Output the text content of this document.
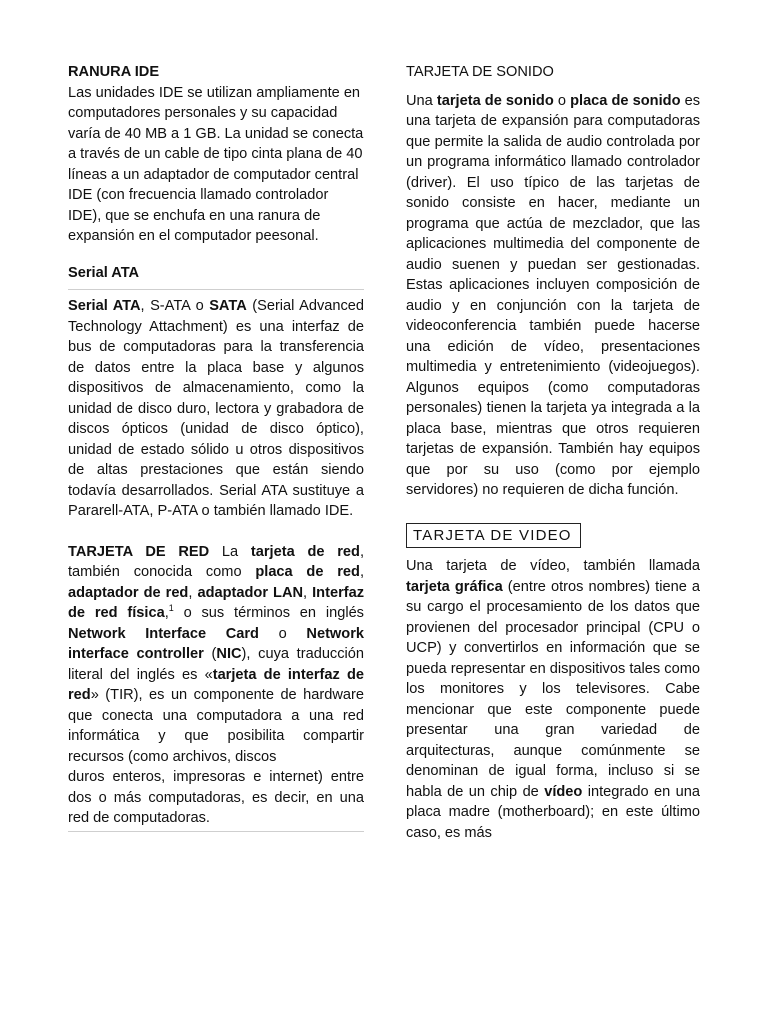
RANURA IDE

Las unidades IDE se utilizan ampliamente en computadores personales y su capacidad varía de 40 MB a 1 GB. La unidad se conecta a través de un cable de tipo cinta plana de 40 líneas a un adaptador de computador central IDE (con frecuencia llamado controlador IDE), que se enchufa en una ranura de expansión en el computador peesonal.

Serial ATA

Serial ATA, S-ATA o SATA (Serial Advanced Technology Attachment) es una interfaz de bus de computadoras para la transferencia de datos entre la placa base y algunos dispositivos de almacenamiento, como la unidad de disco duro, lectora y grabadora de discos ópticos (unidad de disco óptico), unidad de estado sólido u otros dispositivos de altas prestaciones que están siendo todavía desarrollados. Serial ATA sustituye a Pararell-ATA, P-ATA o también llamado IDE.

TARJETA DE RED La tarjeta de red, también conocida como placa de red, adaptador de red, adaptador LAN, Interfaz de red física,$^1$ o sus términos en inglés Network Interface Card o Network interface controller (NIC), cuya traducción literal del inglés es «tarjeta de interfaz de red» (TIR), es un componente de hardware que conecta una computadora a una red informática y que posibilita compartir recursos (como archivos, discos

duros enteros, impresoras e internet) entre dos o más computadoras, es decir, en una red de computadoras.

TARJETA DE SONIDO

Una tarjeta de sonido o placa de sonido es una tarjeta de expansión para computadoras que permite la salida de audio controlada por un programa informático llamado controlador (driver). El uso típico de las tarjetas de sonido consiste en hacer, mediante un programa que actúa de mezclador, que las aplicaciones multimedia del componente de audio suenen y puedan ser gestionadas. Estas aplicaciones incluyen composición de audio y en conjunción con la tarjeta de videoconferencia también puede hacerse una edición de vídeo, presentaciones multimedia y entretenimiento (videojuegos). Algunos equipos (como computadoras personales) tienen la tarjeta ya integrada a la placa base, mientras que otros requieren tarjetas de expansión. También hay equipos que por su uso (como por ejemplo servidores) no requieren de dicha función.

TARJETA DE VIDEO

Una tarjeta de vídeo, también llamada tarjeta gráfica (entre otros nombres) tiene a su cargo el procesamiento de los datos que provienen del procesador principal (CPU o UCP) y convertirlos en información que se pueda representar en dispositivos tales como los monitores y los televisores. Cabe mencionar que este componente puede presentar una gran variedad de arquitecturas, aunque comúnmente se denominan de igual forma, incluso si se habla de un chip de vídeo integrado en una placa madre (motherboard); en este último caso, es más
